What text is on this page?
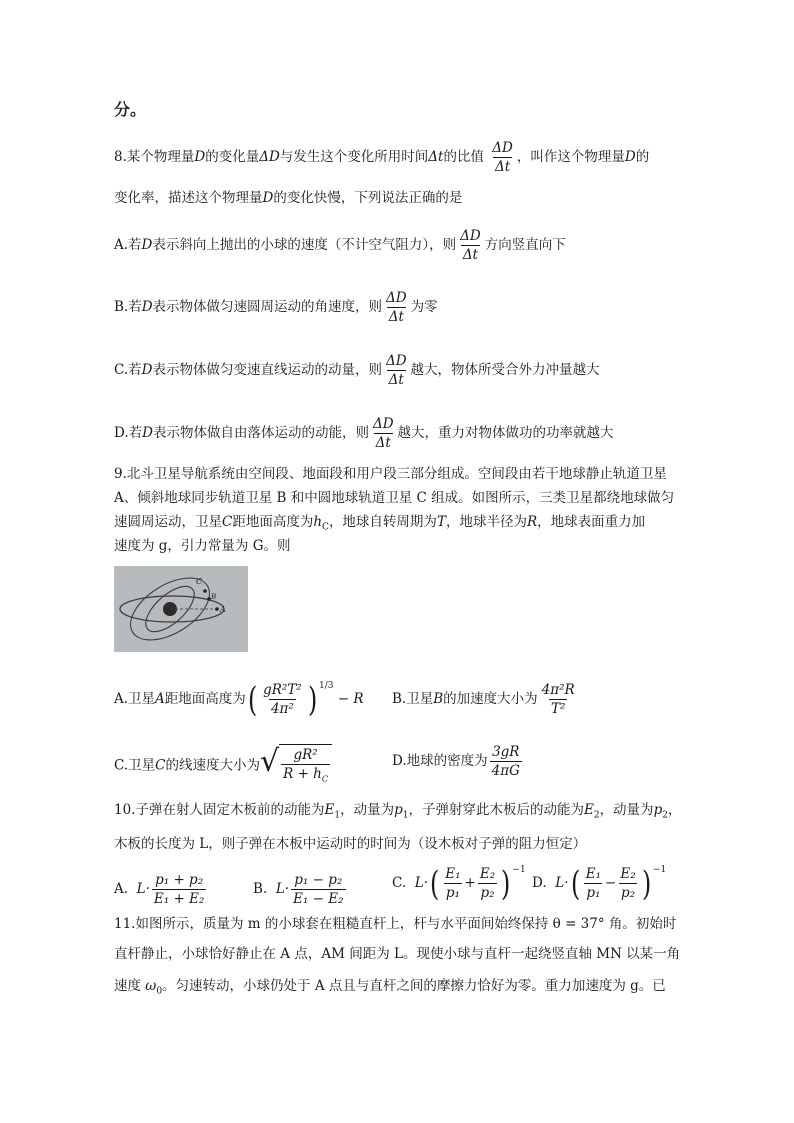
分。
8.某个物理量D的变化量ΔD与发生这个变化所用时间Δt的比值 $\frac{\Delta D}{\Delta t}$ ，叫作这个物理量D的
变化率，描述这个物理量D的变化快慢，下列说法正确的是
A.若D表示斜向上抛出的小球的速度（不计空气阻力），则 $\frac{\Delta D}{\Delta t}$ 方向竖直向下
B.若D表示物体做匀速圆周运动的角速度，则 $\frac{\Delta D}{\Delta t}$ 为零
C.若D表示物体做匀变速直线运动的动量，则 $\frac{\Delta D}{\Delta t}$ 越大，物体所受合外力冲量越大
D.若D表示物体做自由落体运动的动能，则 $\frac{\Delta D}{\Delta t}$ 越大，重力对物体做功的功率就越大
9.北斗卫星导航系统由空间段、地面段和用户段三部分组成。空间段由若干地球静止轨道卫星
A、倾斜地球同步轨道卫星 B 和中圆地球轨道卫星 C 组成。如图所示，三类卫星都绕地球做匀
速圆周运动，卫星C距地面高度为$h_C$，地球自转周期为T，地球半径为R，地球表面重力加
速度为 g，引力常量为 G。则
C
B
A
A.卫星A距地面高度为( $\frac{\text{gR²T²}}{\text{4π²}}$ ) $^{1/3}$ − R B.卫星B的加速度大小为 $\frac{\text{4π²R}}{\text{T²}}$
C.卫星C的线速度大小为 √ $\frac{\text{gR²}}{R + h_C}$	D.地球的密度为 $\frac{3gR}{4\pi G}$
10.子弹在射人固定木板前的动能为$E_1$，动量为$p_1$，子弹射穿此木板后的动能为$E_2$，动量为$p_2$，
木板的长度为 L，则子弹在木板中运动时的时间为（设木板对子弹的阻力恒定）
A. $L\cdot \frac{\text{p₁ + p₂}}{\text{E₁ + E₂}}$	B. $L\cdot \frac{\text{p₁ − p₂}}{\text{E₁ − E₂}}$	C. $L\cdot( \frac{\text{E₁}}{\text{p₁}} + \frac{\text{E₂}}{\text{p₂}}$ ) $^{-1}$
D. $L\cdot( \frac{\text{E₁}}{\text{p₁}} - \frac{\text{E₂}}{\text{p₂}}$ ) $^{-1}$
11.如图所示，质量为 m 的小球套在粗糙直杆上，杆与水平面间始终保持 θ = 37° 角。初始时
直杆静止，小球恰好静止在 A 点，AM 间距为 L。现使小球与直杆一起绕竖直轴 MN 以某一角
速度 $\omega_0$。匀速转动，小球仍处于 A 点且与直杆之间的摩擦力恰好为零。重力加速度为 g。已
